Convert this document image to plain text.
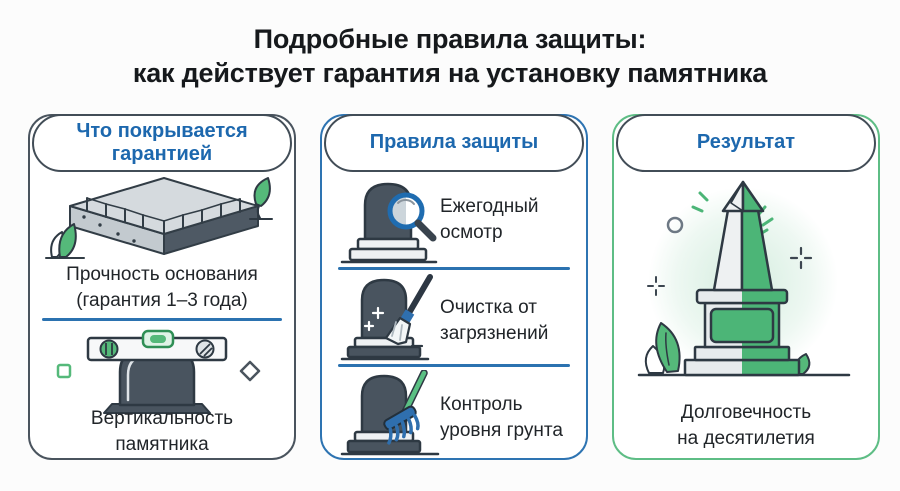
Подробные правила защиты:
как действует гарантия на установку памятника
Что покрывается гарантией
Прочность основания
(гарантия 1–3 года)
Вертикальность
памятника
Правила защиты
Ежегодный
осмотр
Очистка от
загрязнений
Контроль
уровня грунта
Результат
Долговечность
на десятилетия
